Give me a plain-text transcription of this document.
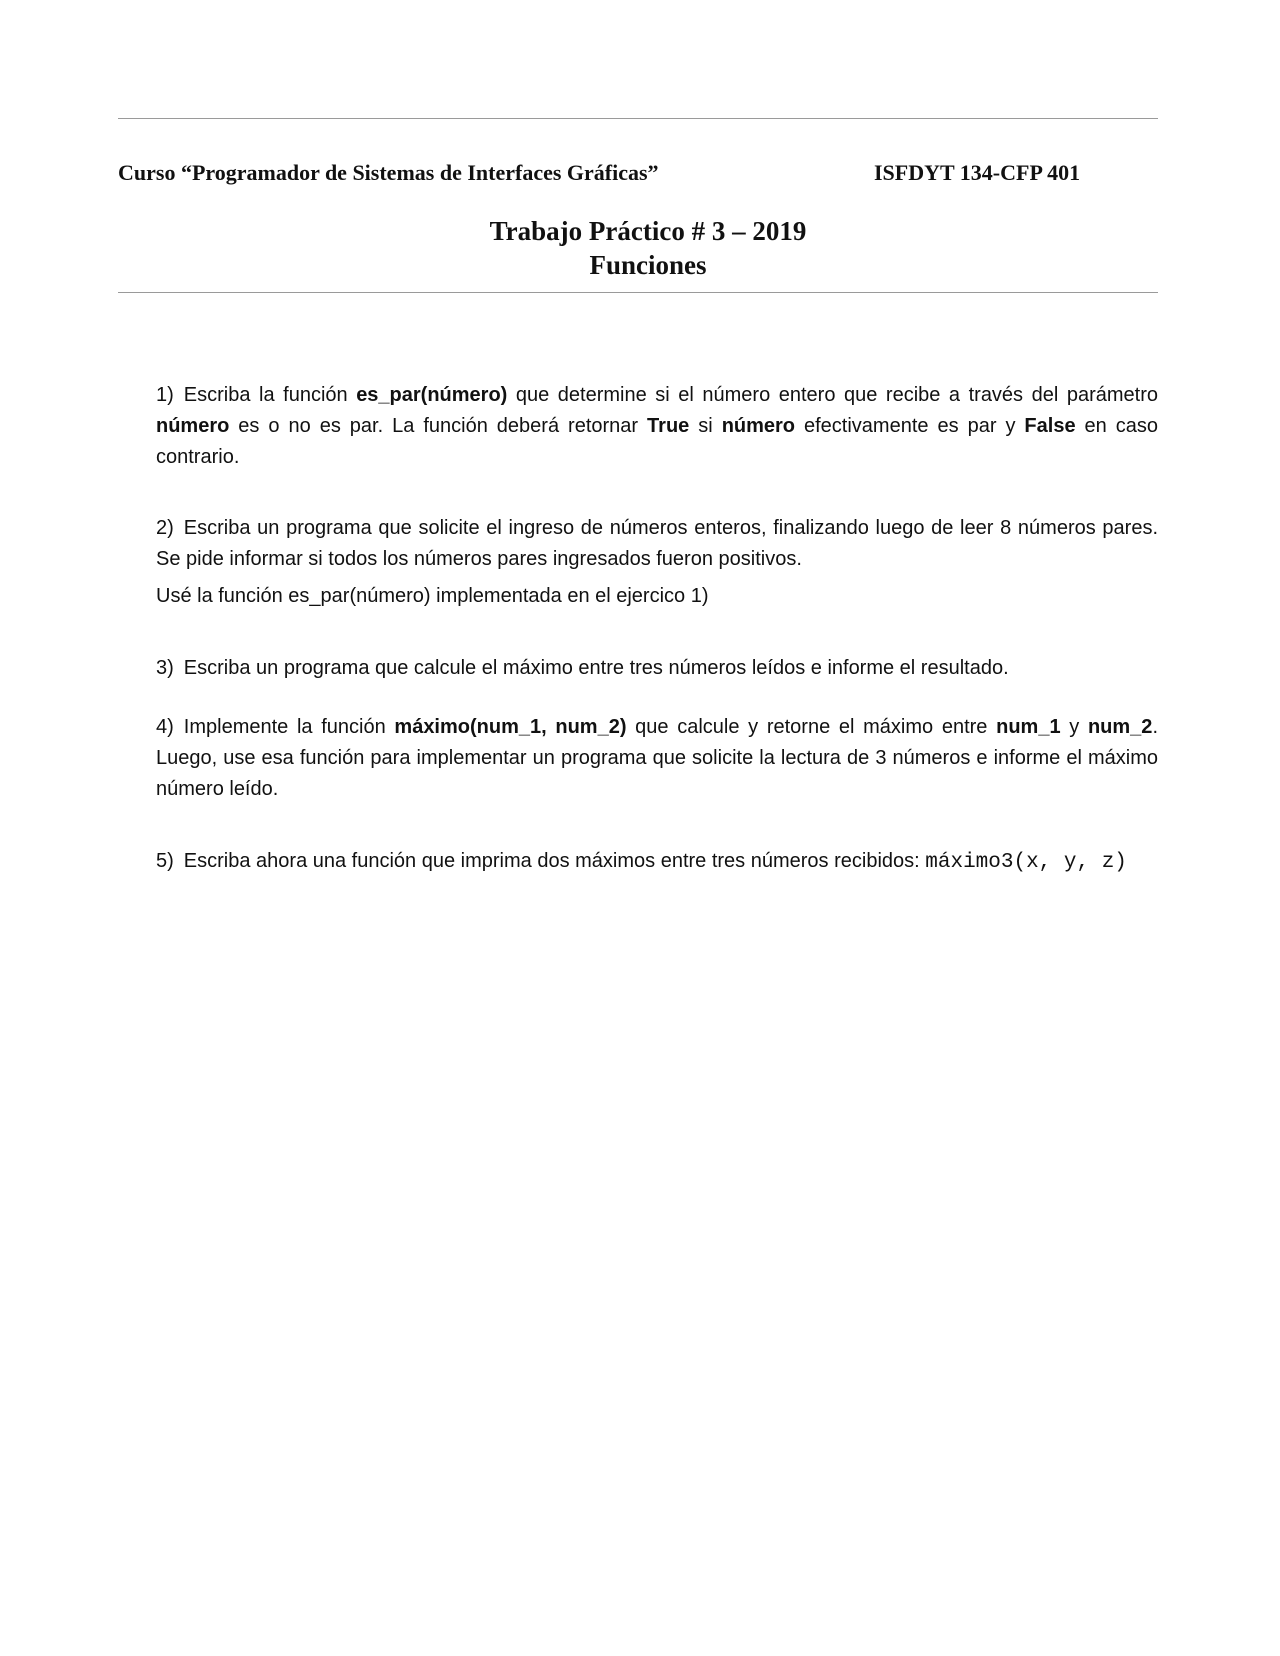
Curso “Programador de Sistemas de Interfaces Gráficas”	ISFDYT 134-CFP 401
Trabajo Práctico # 3 – 2019
Funciones

1) Escriba la función es_par(número) que determine si el número entero que recibe a través del parámetro número es o no es par. La función deberá retornar True si número efectivamente es par y False en caso contrario.

2) Escriba un programa que solicite el ingreso de números enteros, finalizando luego de leer 8 números pares. Se pide informar si todos los números pares ingresados fueron positivos.

Usé la función es_par(número) implementada en el ejercico 1)

3) Escriba un programa que calcule el máximo entre tres números leídos e informe el resultado.

4) Implemente la función máximo(num_1, num_2) que calcule y retorne el máximo entre num_1 y num_2. Luego, use esa función para implementar un programa que solicite la lectura de 3 números e informe el máximo número leído.

5) Escriba ahora una función que imprima dos máximos entre tres números recibidos: máximo3(x, y, z)
